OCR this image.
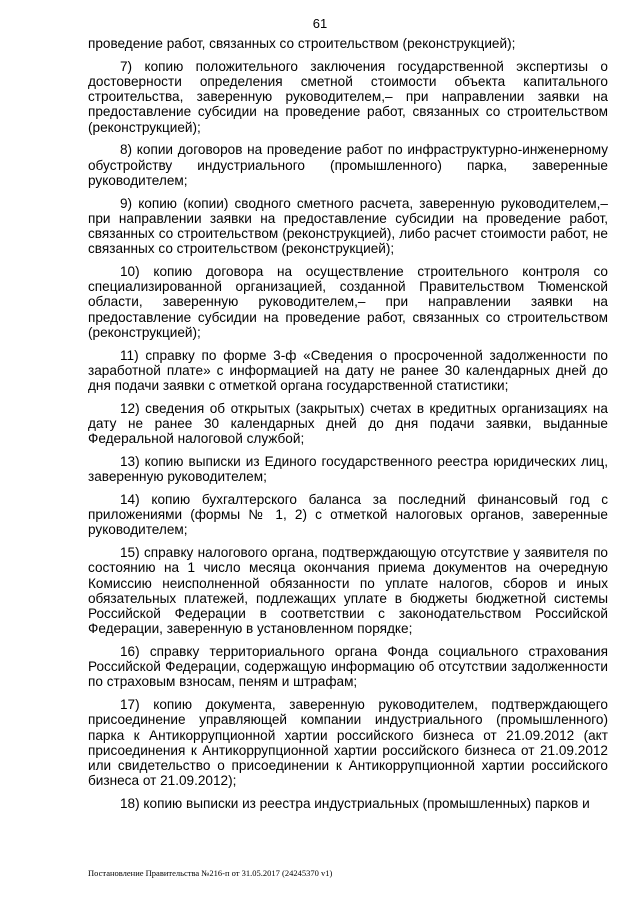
61

проведение работ, связанных со строительством (реконструкцией);

7) копию положительного заключения государственной экспертизы о достоверности определения сметной стоимости объекта капитального строительства, заверенную руководителем,– при направлении заявки на предоставление субсидии на проведение работ, связанных со строительством (реконструкцией);

8) копии договоров на проведение работ по инфраструктурно-инженерному обустройству индустриального (промышленного) парка, заверенные руководителем;

9) копию (копии) сводного сметного расчета, заверенную руководителем,– при направлении заявки на предоставление субсидии на проведение работ, связанных со строительством (реконструкцией), либо расчет стоимости работ, не связанных со строительством (реконструкцией);

10) копию договора на осуществление строительного контроля со специализированной организацией, созданной Правительством Тюменской области, заверенную руководителем,– при направлении заявки на предоставление субсидии на проведение работ, связанных со строительством (реконструкцией);

11) справку по форме 3-ф «Сведения о просроченной задолженности по заработной плате» с информацией на дату не ранее 30 календарных дней до дня подачи заявки с отметкой органа государственной статистики;

12) сведения об открытых (закрытых) счетах в кредитных организациях на дату не ранее 30 календарных дней до дня подачи заявки, выданные Федеральной налоговой службой;

13) копию выписки из Единого государственного реестра юридических лиц, заверенную руководителем;

14) копию бухгалтерского баланса за последний финансовый год с приложениями (формы № 1, 2) с отметкой налоговых органов, заверенные руководителем;

15) справку налогового органа, подтверждающую отсутствие у заявителя по состоянию на 1 число месяца окончания приема документов на очередную Комиссию неисполненной обязанности по уплате налогов, сборов и иных обязательных платежей, подлежащих уплате в бюджеты бюджетной системы Российской Федерации в соответствии с законодательством Российской Федерации, заверенную в установленном порядке;

16) справку территориального органа Фонда социального страхования Российской Федерации, содержащую информацию об отсутствии задолженности по страховым взносам, пеням и штрафам;

17) копию документа, заверенную руководителем, подтверждающего присоединение управляющей компании индустриального (промышленного) парка к Антикоррупционной хартии российского бизнеса от 21.09.2012 (акт присоединения к Антикоррупционной хартии российского бизнеса от 21.09.2012 или свидетельство о присоединении к Антикоррупционной хартии российского бизнеса от 21.09.2012);

18) копию выписки из реестра индустриальных (промышленных) парков и

Постановление Правительства №216-п от 31.05.2017 (24245370 v1)
